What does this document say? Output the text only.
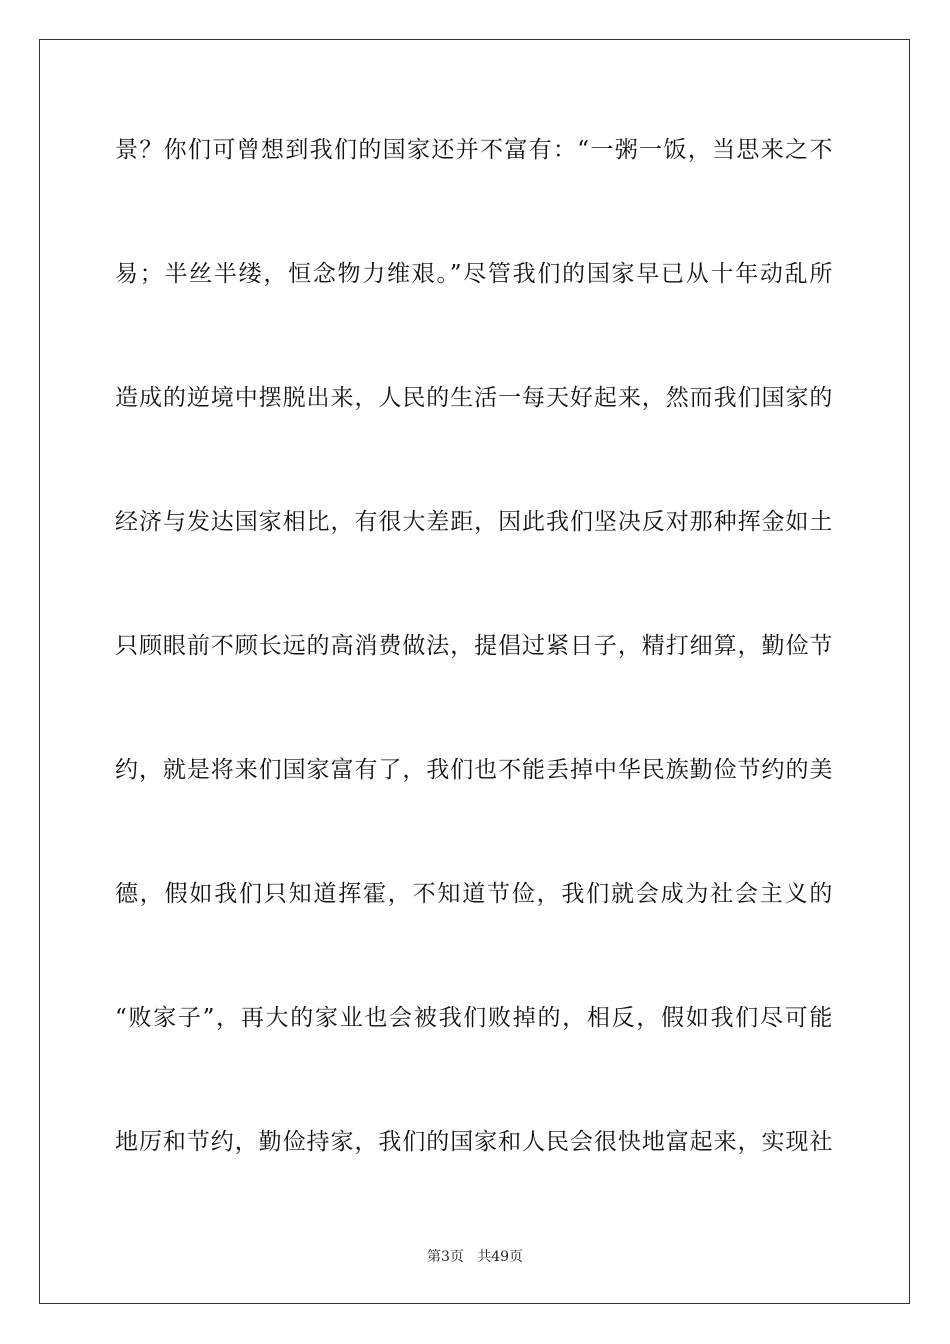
景？你们可曾想到我们的国家还并不富有：“一粥一饭，当思来之不
易；半丝半缕，恒念物力维艰。”尽管我们的国家早已从十年动乱所
造成的逆境中摆脱出来，人民的生活一每天好起来，然而我们国家的
经济与发达国家相比，有很大差距，因此我们坚决反对那种挥金如土
只顾眼前不顾长远的高消费做法，提倡过紧日子，精打细算，勤俭节
约，就是将来们国家富有了，我们也不能丢掉中华民族勤俭节约的美
德，假如我们只知道挥霍，不知道节俭，我们就会成为社会主义的
“败家子”，再大的家业也会被我们败掉的，相反，假如我们尽可能
地厉和节约，勤俭持家，我们的国家和人民会很快地富起来，实现社
第3页   共49页
